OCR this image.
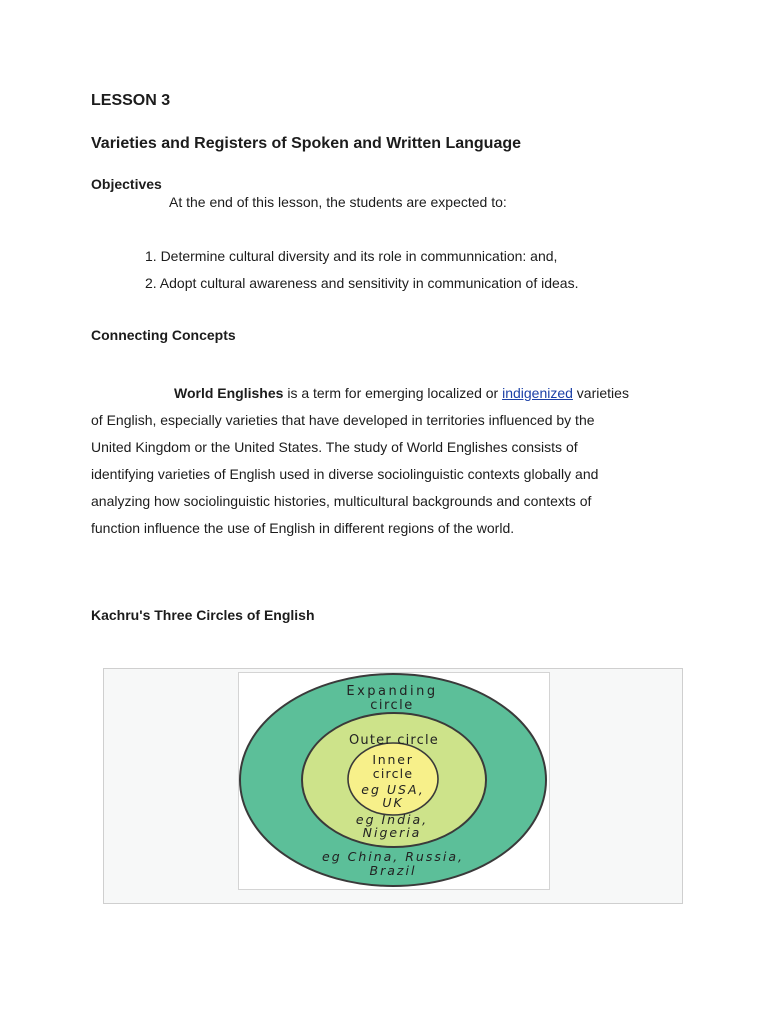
LESSON 3
Varieties and Registers of Spoken and Written Language
Objectives
At the end of this lesson, the students are expected to:
1. Determine cultural diversity and its role in communnication: and,
2. Adopt cultural awareness and sensitivity in communication of ideas.
Connecting Concepts
World Englishes is a term for emerging localized or indigenized varieties
of English, especially varieties that have developed in territories influenced by the
United Kingdom or the United States. The study of World Englishes consists of
identifying varieties of English used in diverse sociolinguistic contexts globally and
analyzing how sociolinguistic histories, multicultural backgrounds and contexts of
function influence the use of English in different regions of the world.
Kachru's Three Circles of English
Expanding
circle
Outer circle
Inner
circle
eg USA,
UK
eg India,
Nigeria
eg China, Russia,
Brazil
